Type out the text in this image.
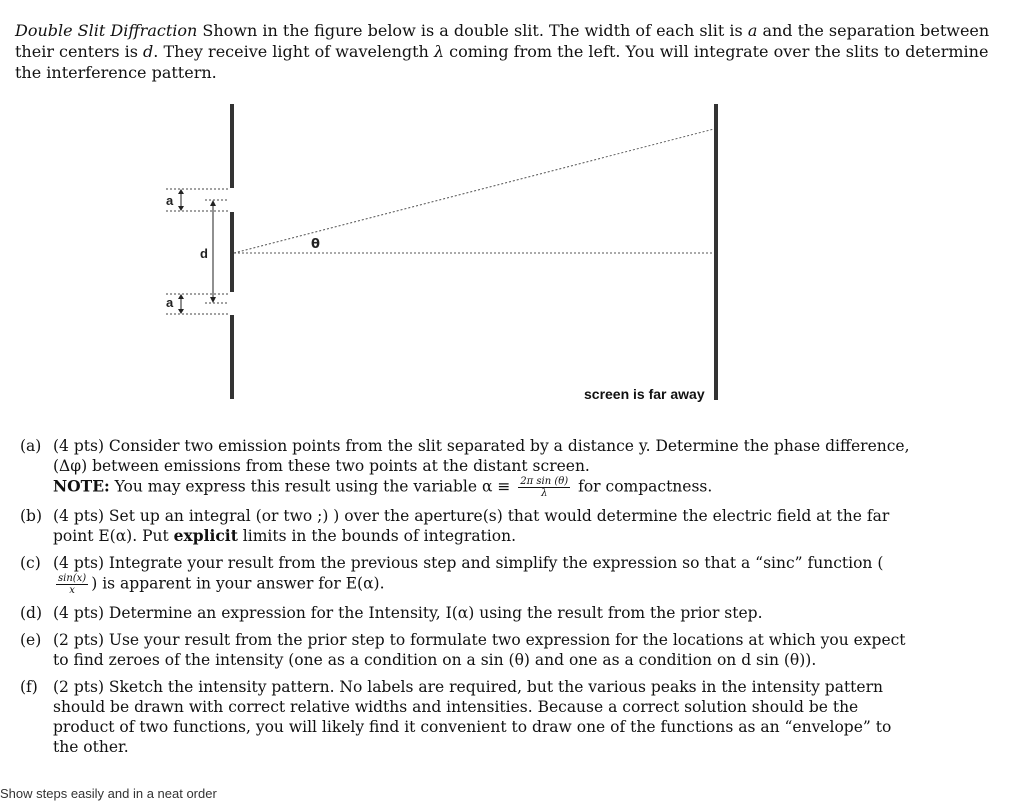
Double Slit Diffraction Shown in the figure below is a double slit. The width of each slit is a and the separation between their centers is d. They receive light of wavelength λ coming from the left. You will integrate over the slits to determine the interference pattern.
a
d
a
θ
screen is far away
(a) (4 pts) Consider two emission points from the slit separated by a distance y. Determine the phase difference, (Δφ) between emissions from these two points at the distant screen.
NOTE: You may express this result using the variable $\alpha \equiv \frac{\text{2π sin (θ)}}{\lambda}$ for compactness.
(b) (4 pts) Set up an integral (or two ;) ) over the aperture(s) that would determine the electric field at the far point E(α). Put explicit limits in the bounds of integration.
(c) (4 pts) Integrate your result from the previous step and simplify the expression so that a “sinc” function (
$\frac{\sin(x)}{x}$ ) is apparent in your answer for E(α).
(d) (4 pts) Determine an expression for the Intensity, I(α) using the result from the prior step.
(e) (2 pts) Use your result from the prior step to formulate two expression for the locations at which you expect to find zeroes of the intensity (one as a condition on a sin (θ) and one as a condition on d sin (θ)).
(f) (2 pts) Sketch the intensity pattern. No labels are required, but the various peaks in the intensity pattern should be drawn with correct relative widths and intensities. Because a correct solution should be the product of two functions, you will likely find it convenient to draw one of the functions as an “envelope” to the other.
Show steps easily and in a neat order
